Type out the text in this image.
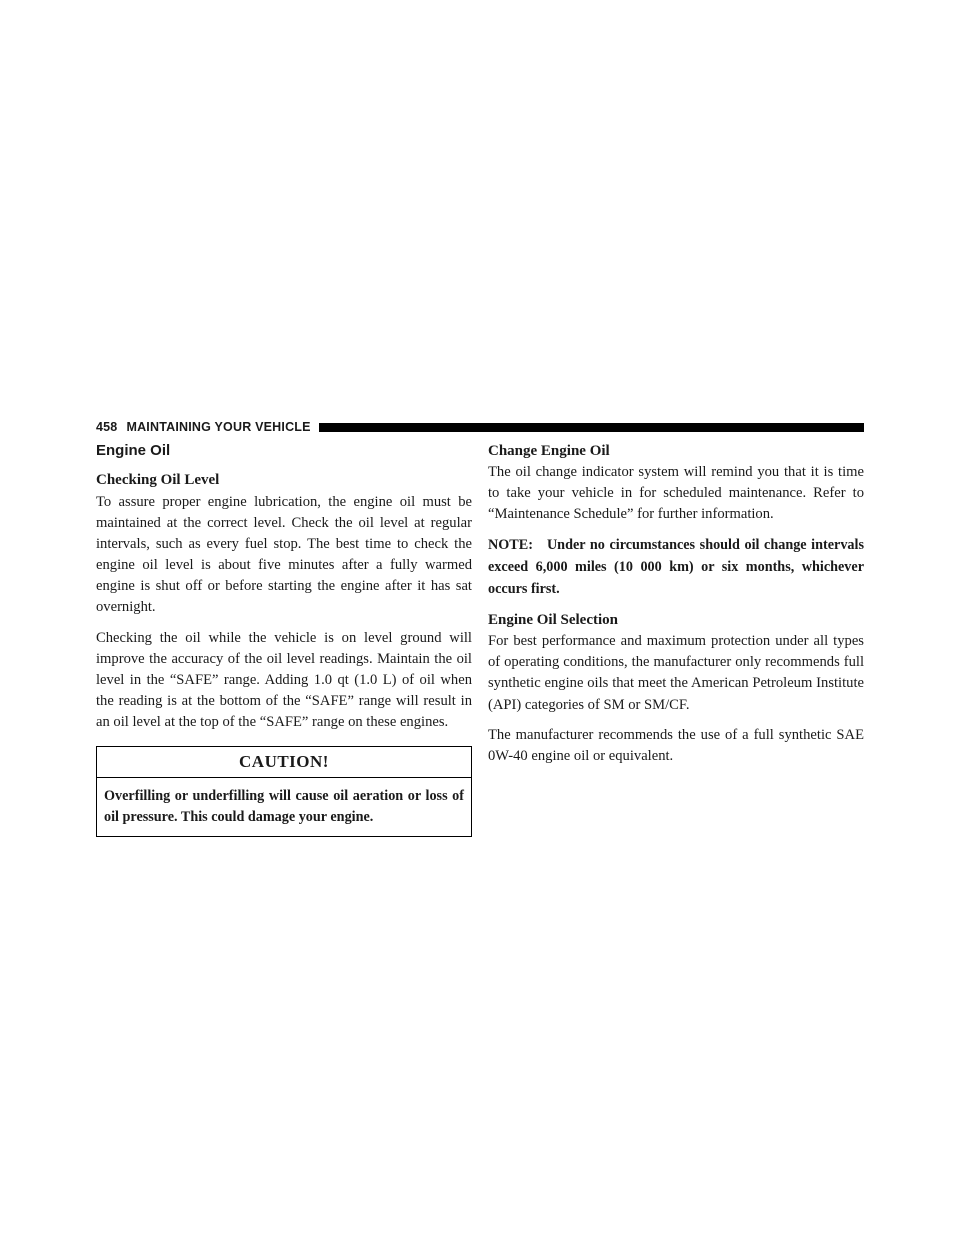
458 MAINTAINING YOUR VEHICLE
Engine Oil
Checking Oil Level

To assure proper engine lubrication, the engine oil must be maintained at the correct level. Check the oil level at regular intervals, such as every fuel stop. The best time to check the engine oil level is about five minutes after a fully warmed engine is shut off or before starting the engine after it has sat overnight.

Checking the oil while the vehicle is on level ground will improve the accuracy of the oil level readings. Maintain the oil level in the “SAFE” range. Adding 1.0 qt (1.0 L) of oil when the reading is at the bottom of the “SAFE” range will result in an oil level at the top of the “SAFE” range on these engines.

CAUTION!
Overfilling or underfilling will cause oil aeration or loss of oil pressure. This could damage your engine.
Change Engine Oil

The oil change indicator system will remind you that it is time to take your vehicle in for scheduled maintenance. Refer to “Maintenance Schedule” for further information.

NOTE: Under no circumstances should oil change intervals exceed 6,000 miles (10 000 km) or six months, whichever occurs first.

Engine Oil Selection

For best performance and maximum protection under all types of operating conditions, the manufacturer only recommends full synthetic engine oils that meet the American Petroleum Institute (API) categories of SM or SM/CF.

The manufacturer recommends the use of a full synthetic SAE 0W-40 engine oil or equivalent.
